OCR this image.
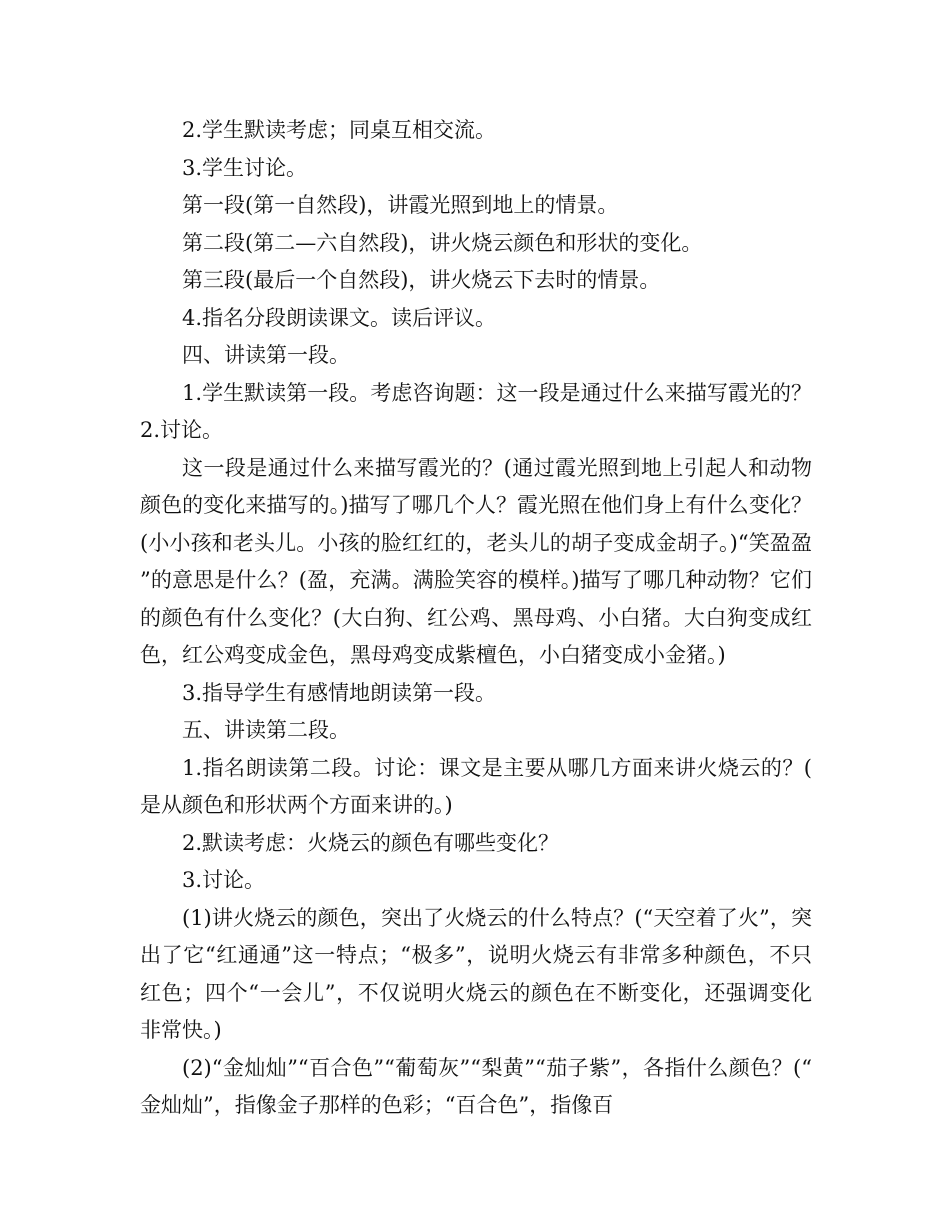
2.学生默读考虑；同桌互相交流。

3.学生讨论。

第一段(第一自然段)，讲霞光照到地上的情景。

第二段(第二—六自然段)，讲火烧云颜色和形状的变化。

第三段(最后一个自然段)，讲火烧云下去时的情景。

4.指名分段朗读课文。读后评议。

四、讲读第一段。

1.学生默读第一段。考虑咨询题：这一段是通过什么来描写霞光的？2.讨论。

这一段是通过什么来描写霞光的？(通过霞光照到地上引起人和动物颜色的变化来描写的。)描写了哪几个人？霞光照在他们身上有什么变化？(小小孩和老头儿。小孩的脸红红的，老头儿的胡子变成金胡子。)“笑盈盈”的意思是什么？(盈，充满。满脸笑容的模样。)描写了哪几种动物？它们的颜色有什么变化？(大白狗、红公鸡、黑母鸡、小白猪。大白狗变成红色，红公鸡变成金色，黑母鸡变成紫檀色，小白猪变成小金猪。)

3.指导学生有感情地朗读第一段。

五、讲读第二段。

1.指名朗读第二段。讨论：课文是主要从哪几方面来讲火烧云的？(是从颜色和形状两个方面来讲的。)

2.默读考虑：火烧云的颜色有哪些变化？

3.讨论。

(1)讲火烧云的颜色，突出了火烧云的什么特点？(“天空着了火”，突出了它“红通通”这一特点；“极多”，说明火烧云有非常多种颜色，不只红色；四个“一会儿”，不仅说明火烧云的颜色在不断变化，还强调变化非常快。)

(2)“金灿灿”“百合色”“葡萄灰”“梨黄”“茄子紫”，各指什么颜色？(“金灿灿”，指像金子那样的色彩；“百合色”，指像百
